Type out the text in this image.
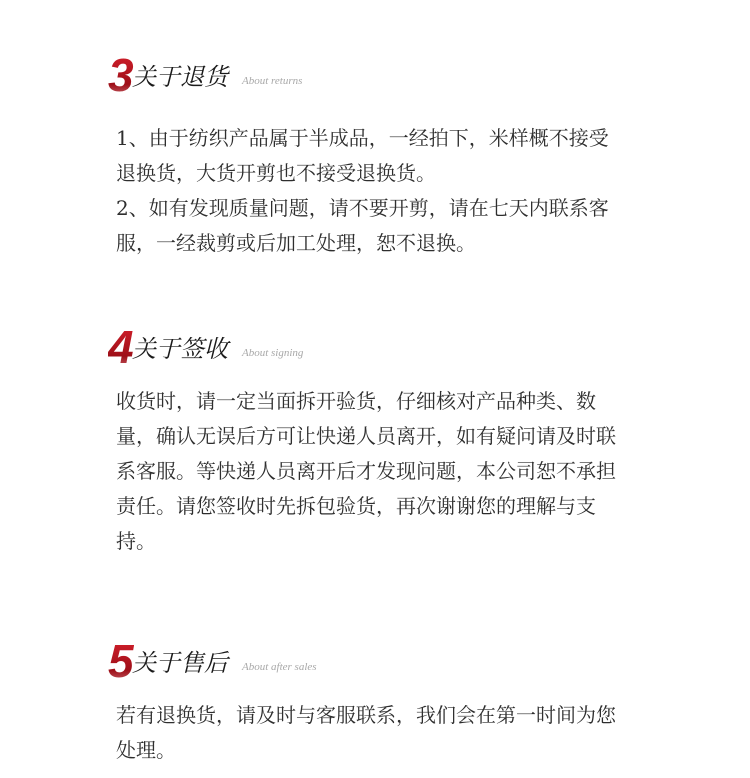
3
关于退货 About returns

1、由于纺织产品属于半成品，一经拍下，米样概不接受
退换货，大货开剪也不接受退换货。

2、如有发现质量问题，请不要开剪，请在七天内联系客
服，一经裁剪或后加工处理，恕不退换。

4
关于签收 About signing

收货时，请一定当面拆开验货，仔细核对产品种类、数
量，确认无误后方可让快递人员离开，如有疑问请及时联
系客服。等快递人员离开后才发现问题，本公司恕不承担
责任。请您签收时先拆包验货，再次谢谢您的理解与支
持。

5
关于售后 About after sales

若有退换货，请及时与客服联系，我们会在第一时间为您
处理。
